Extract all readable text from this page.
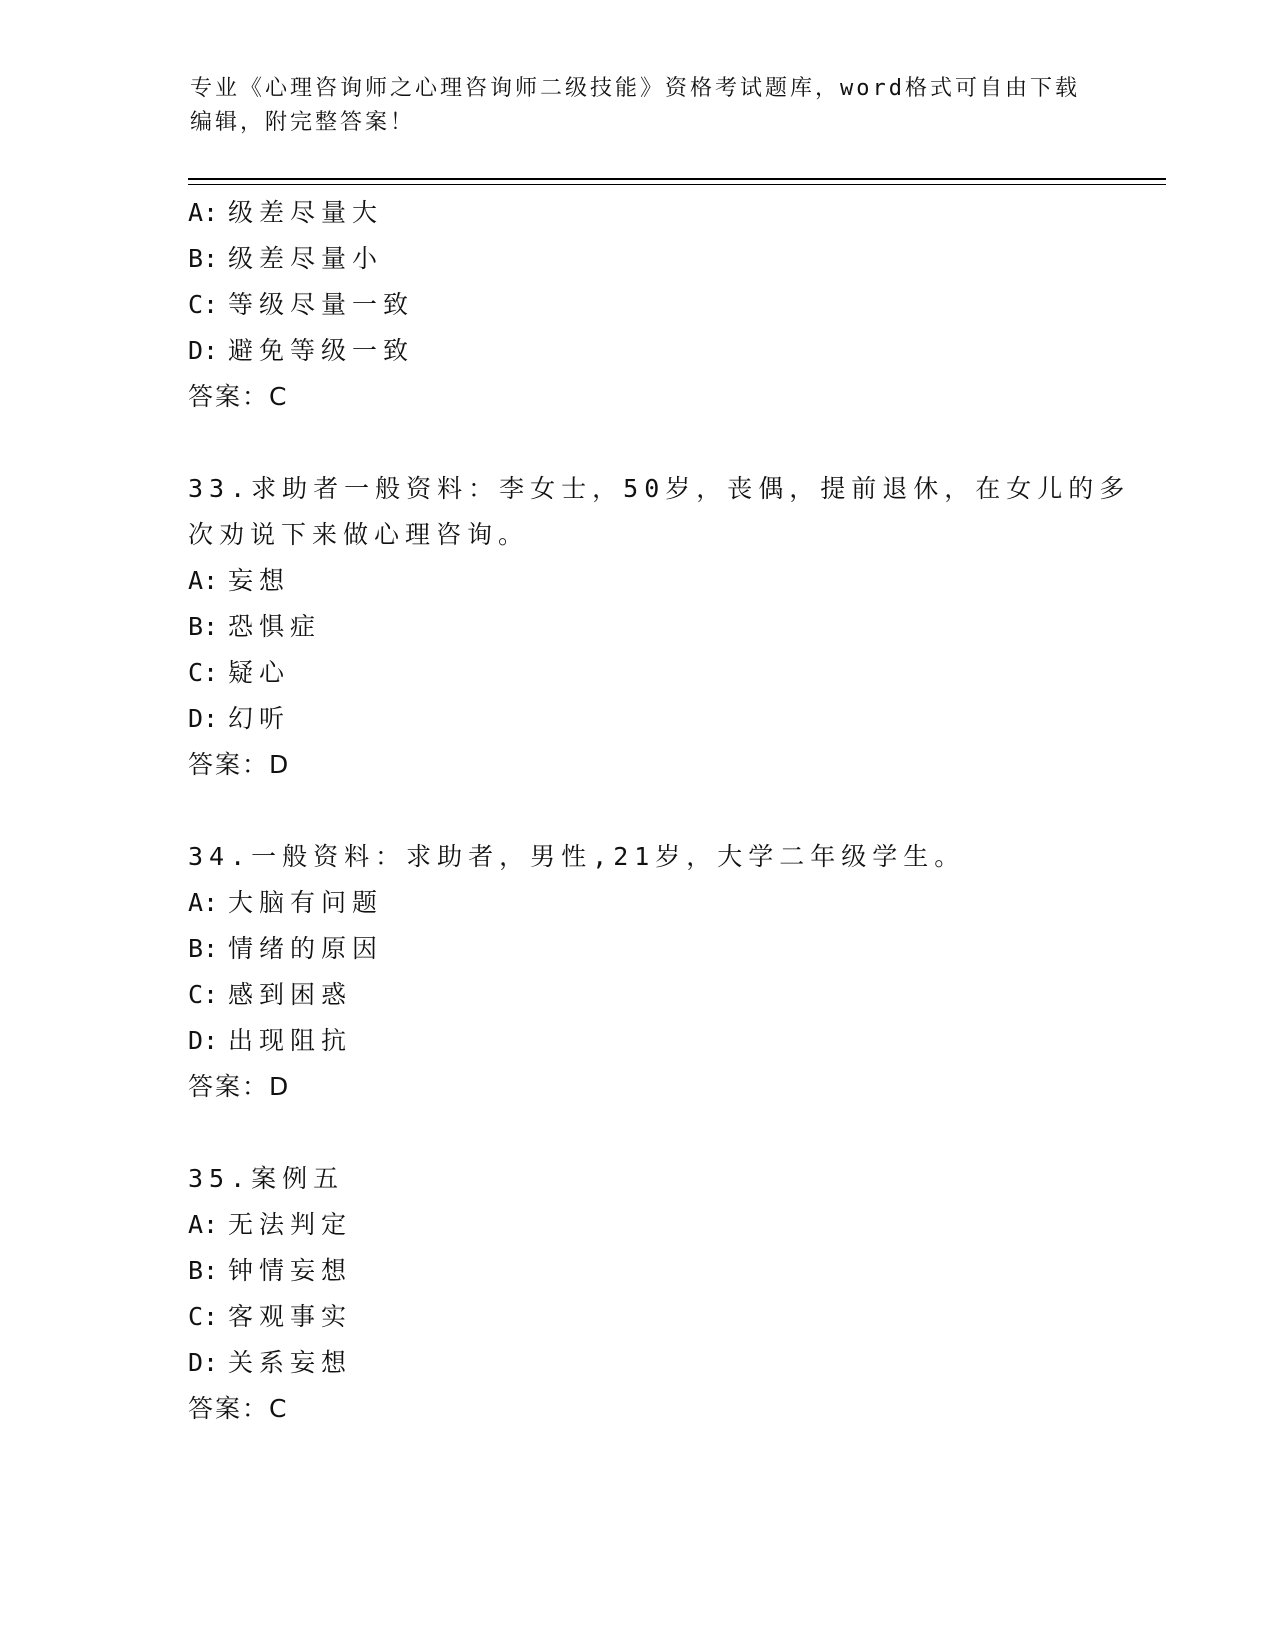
专业《心理咨询师之心理咨询师二级技能》资格考试题库，word格式可自由下载
编辑，附完整答案！
A: 级差尽量大
B: 级差尽量小
C: 等级尽量一致
D: 避免等级一致
答案：C
33.求助者一般资料：李女士，50岁，丧偶，提前退休，在女儿的多次劝说下来做心理咨询。
A: 妄想
B: 恐惧症
C: 疑心
D: 幻听
答案：D
34.一般资料：求助者，男性,21岁，大学二年级学生。
A: 大脑有问题
B: 情绪的原因
C: 感到困惑
D: 出现阻抗
答案：D
35.案例五
A: 无法判定
B: 钟情妄想
C: 客观事实
D: 关系妄想
答案：C
